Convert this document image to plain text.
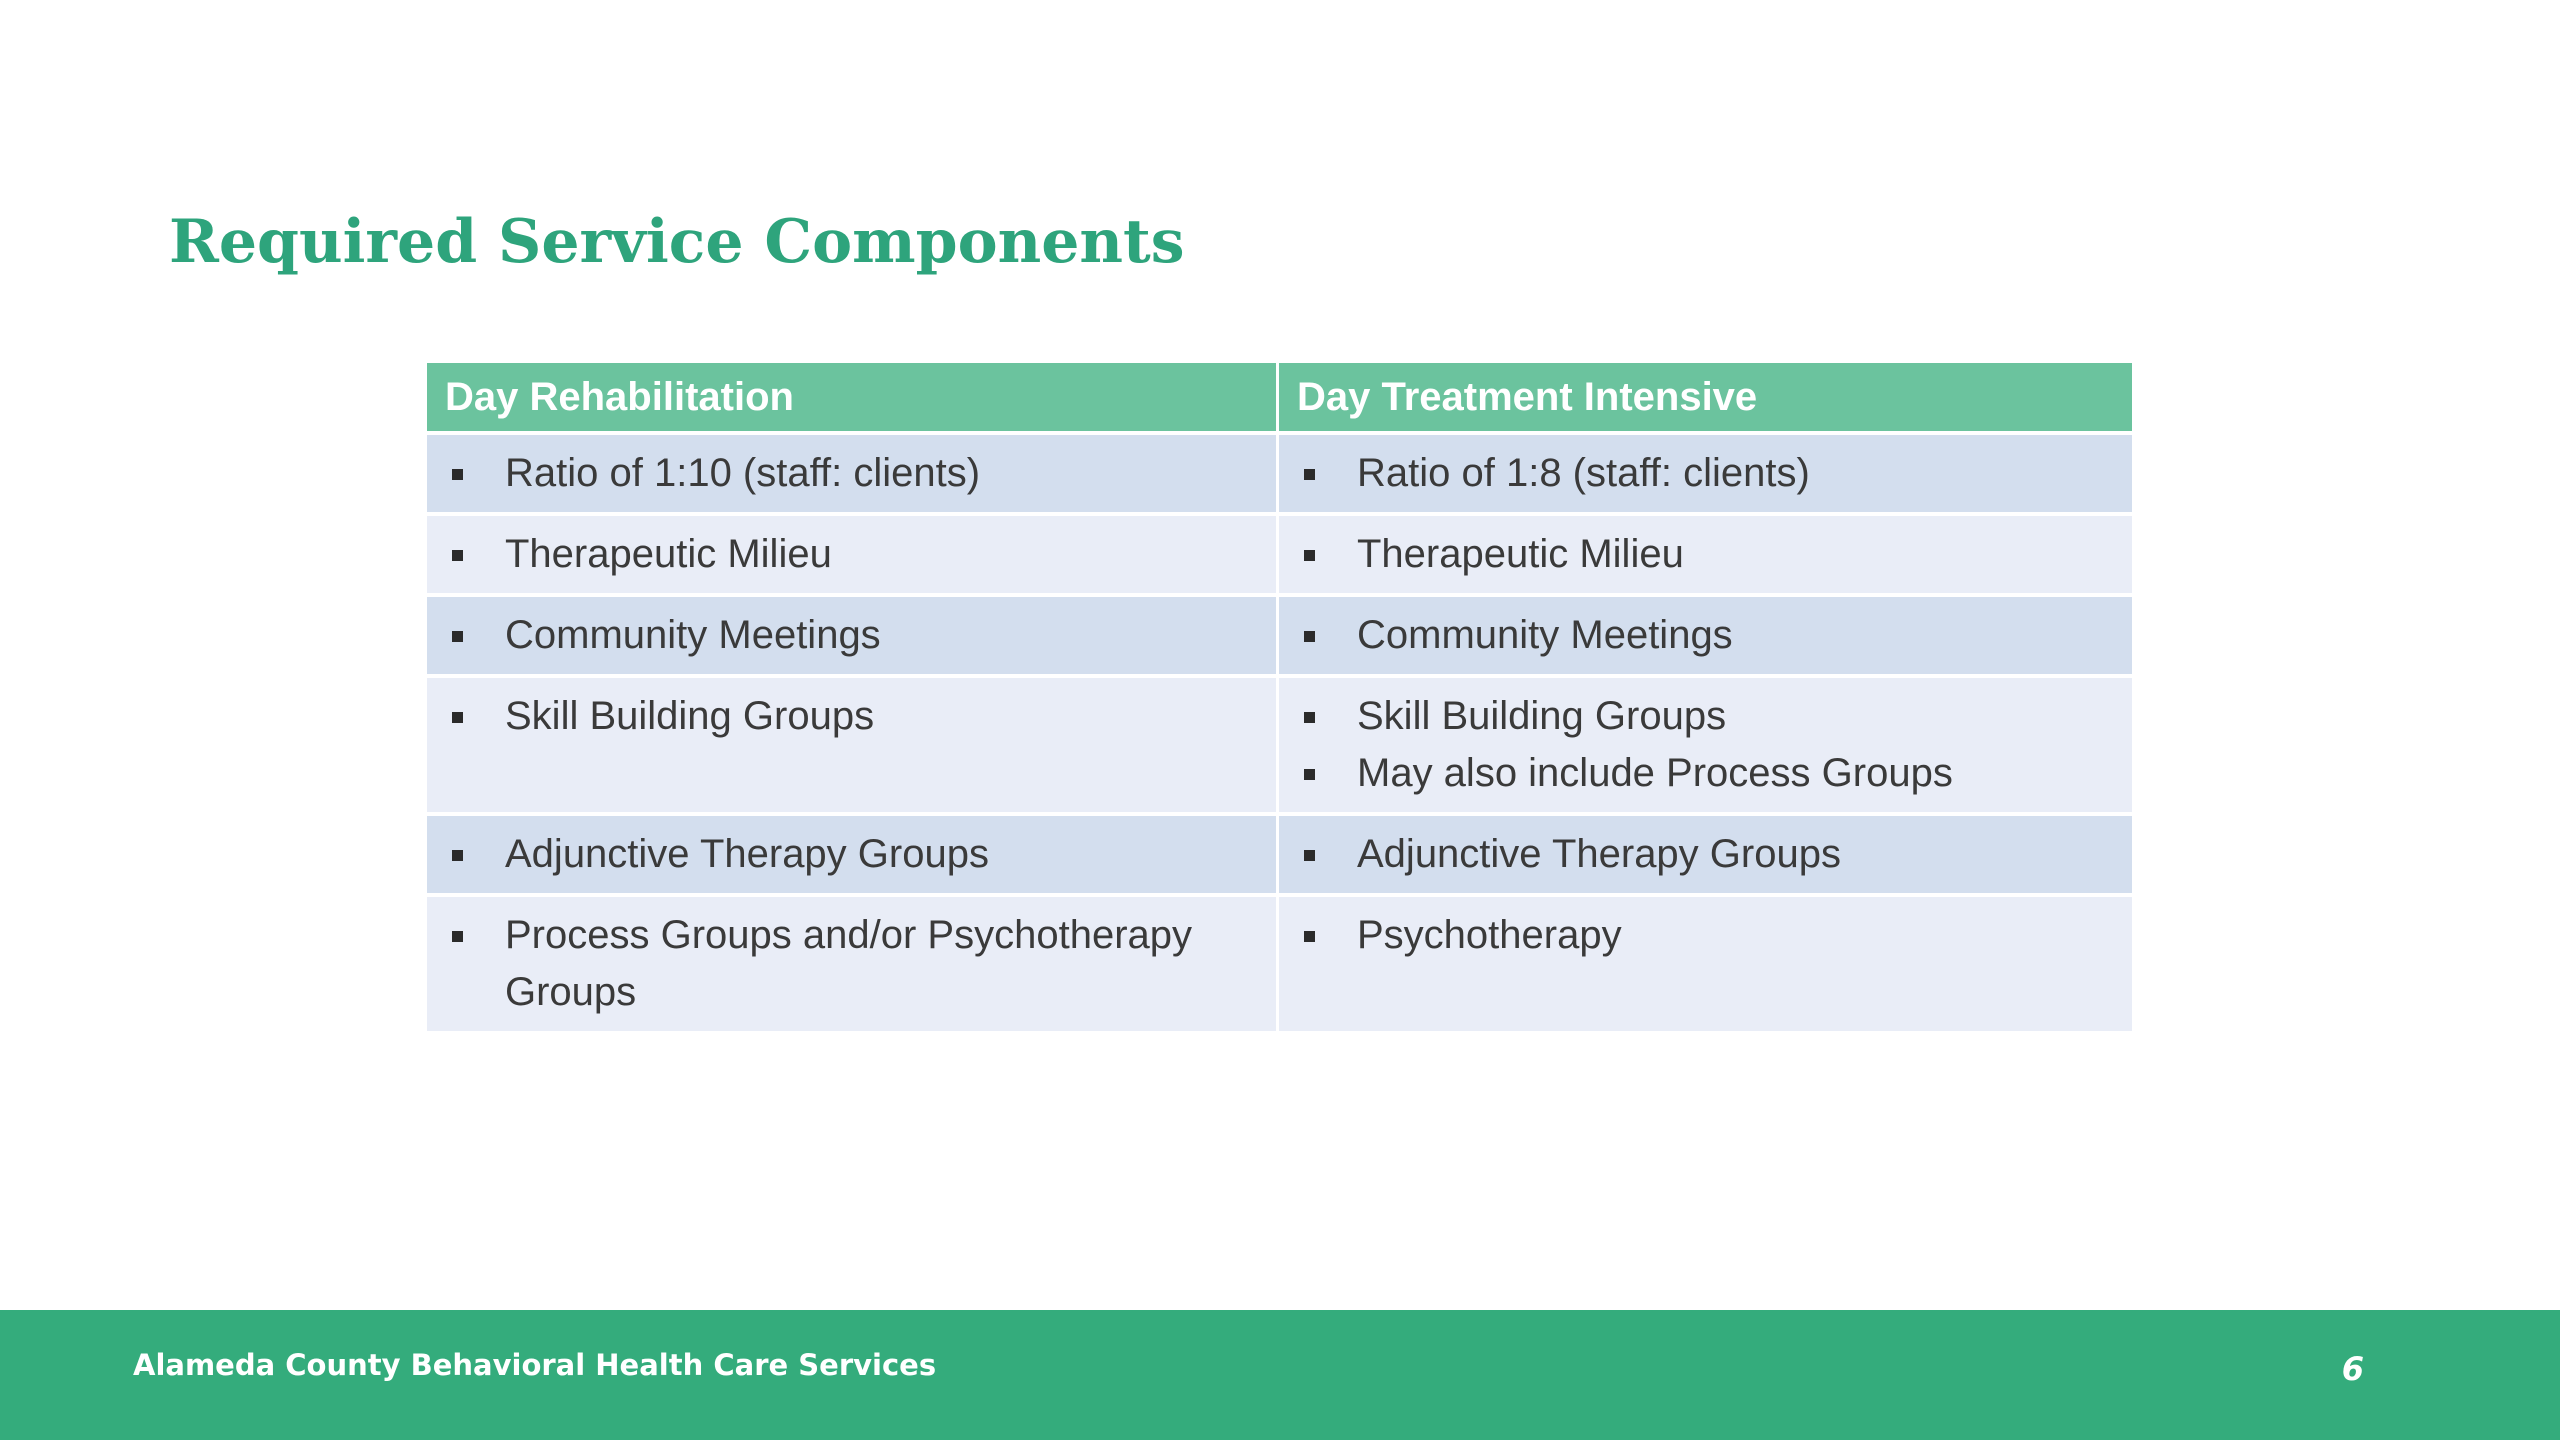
Required Service Components
Day Rehabilitation	Day Treatment Intensive

Ratio of 1:10 (staff: clients)	Ratio of 1:8 (staff: clients)

Therapeutic Milieu	Therapeutic Milieu

Community Meetings	Community Meetings

Skill Building Groups	Skill Building Groups
May also include Process Groups

Adjunctive Therapy Groups	Adjunctive Therapy Groups

Process Groups and/or Psychotherapy Groups	Psychotherapy
Alameda County Behavioral Health Care Services	6
